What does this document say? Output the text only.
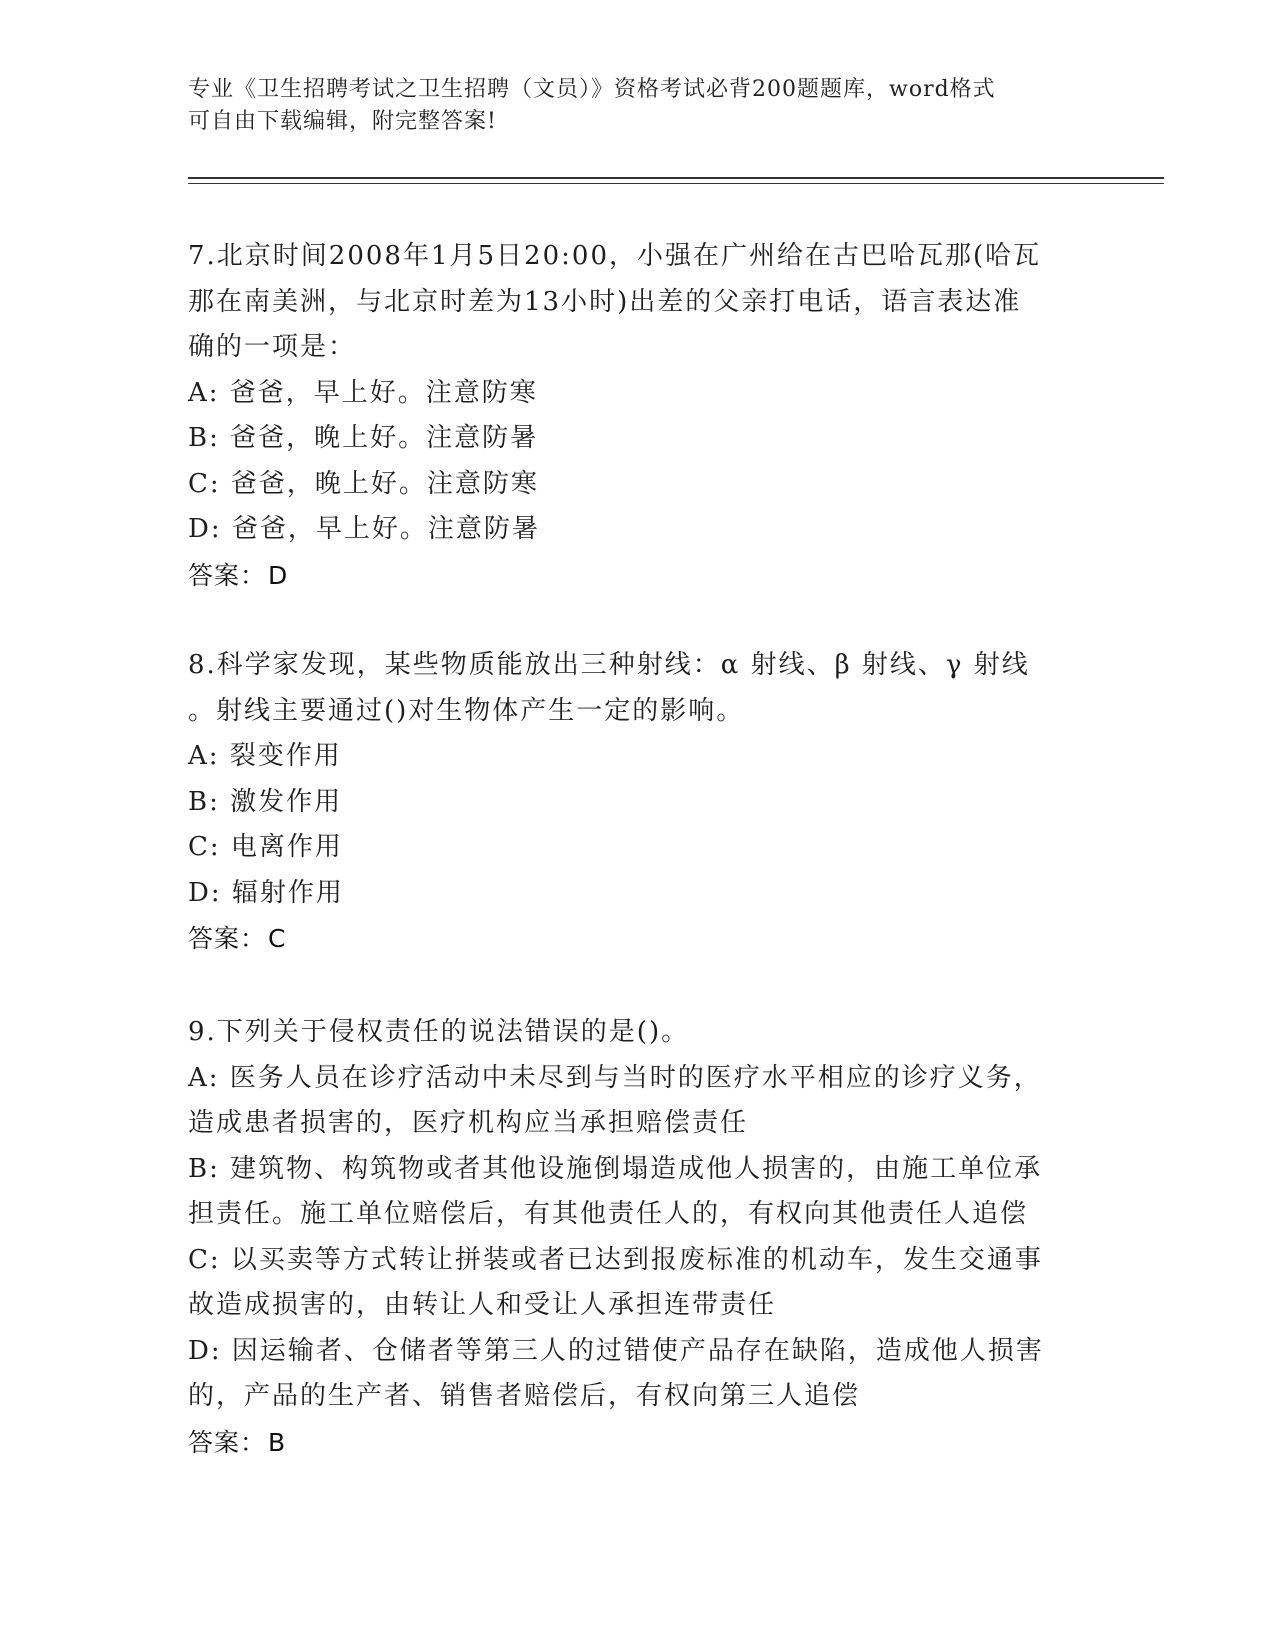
专业《卫生招聘考试之卫生招聘（文员）》资格考试必背200题题库，word格式
可自由下载编辑，附完整答案!
7.北京时间2008年1月5日20:00，小强在广州给在古巴哈瓦那(哈瓦
那在南美洲，与北京时差为13小时)出差的父亲打电话，语言表达准
确的一项是：
A: 爸爸，早上好。注意防寒
B: 爸爸，晚上好。注意防暑
C: 爸爸，晚上好。注意防寒
D: 爸爸，早上好。注意防暑
答案：D
8.科学家发现，某些物质能放出三种射线：α 射线、β 射线、γ 射线
。射线主要通过()对生物体产生一定的影响。
A: 裂变作用
B: 激发作用
C: 电离作用
D: 辐射作用
答案：C
9.下列关于侵权责任的说法错误的是()。
A: 医务人员在诊疗活动中未尽到与当时的医疗水平相应的诊疗义务，
造成患者损害的，医疗机构应当承担赔偿责任
B: 建筑物、构筑物或者其他设施倒塌造成他人损害的，由施工单位承
担责任。施工单位赔偿后，有其他责任人的，有权向其他责任人追偿
C: 以买卖等方式转让拼装或者已达到报废标准的机动车，发生交通事
故造成损害的，由转让人和受让人承担连带责任
D: 因运输者、仓储者等第三人的过错使产品存在缺陷，造成他人损害
的，产品的生产者、销售者赔偿后，有权向第三人追偿
答案：B
